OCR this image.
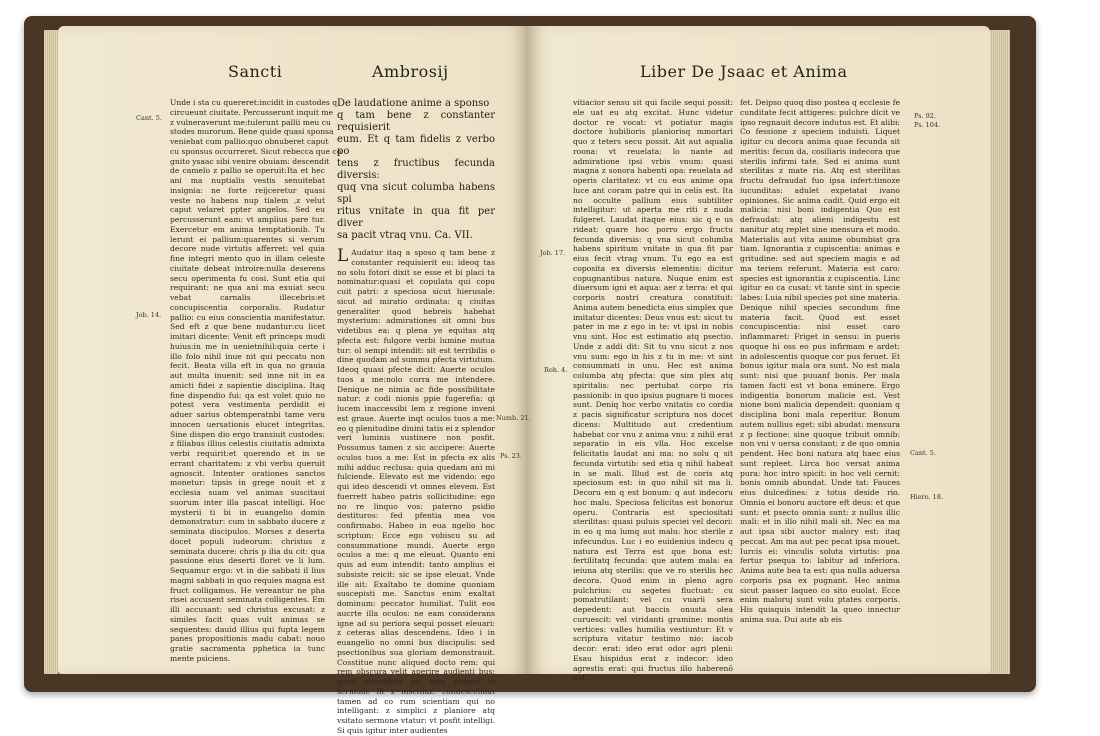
Sancti	Ambrosij	Liber De Jsaac et Anima
Unde i sta cu quereret:incidit in custodes q
circueunt ciuitate. Percusserunt inquit me
z vulneraverunt me:tulerunt pallii meu cu
stodes murorum. Bene quide quasi sponsa
veniebat cum pallio:quo obnuberet caput
cu sponsus occurreret. Sicut rebecca que co
gnito ysaac sibi venire obuiam: descendit
de camelo z pallio se operuit:Ita et hec ani ma nuptialis vestis senuitebat insignia: ne forte reijceretur quasi veste no habens nup tialem ,z velut caput velaret ppter angelos. Sed eu percusserunt eam: vt amplius pare tur. Exercetur em anima temptationib. Tu lerunt ei pallium:quarentes si verum decore nude virtutis afferret: vel quia fine integri mento quo in illam celeste ciuitate debeat introire:nulla deserens secu operimenta fu cosi. Sunt etia qui requirant: ne qua ani ma exuiat secu vebat carnalis illecebris:et concupiscentia corporalis. Rudatur pallio: cu eius conscientia manifestatur. Sed eft z que bene nudantur:cu licet imitari dicente: Venit eft princeps mudi huius:in me in uenietnihil:quia certe i illo folo nihil inue nit qui peccatu non fecit. Beata villa eft in qua no grauia aut multa inuenit: sed inne nit in ea amicti fidei z sapientie disciplina. Itaq fine dispendio fui: qa est volet quio no potest vera vestimenta perdidit ei aduer sarius obtemperatnbi tame vera innocen uersationis elucet integritas. Sine dispen dio ergo transiuit custodes: z filiabus illius celestis ciuitatis admixta verbi requirit:et querendo et in se errant charitatem: z vbi verbu queruit agnoscit. Intenter orationes sanctos monetur: tipsis in grege nouit et z ecclesia suam vel animas suscitaui suorum inter illa pascat intelligi. Hoc mysterii ti bi in euangelio domin demonstratur: cum in sabbato ducere z seminata discipulos. Morses z deserta docet populi iudeorum: christus z seminata ducere: chris p ilia du cit: qua passione eius deserti floret ve li lum. Sequamur ergo: vt in die sabbati il lius magni sabbati in quo requies magna est fruct colligamus. He vereantur ne pha risei accusent seminata colligentes. Em illi accusant: sed christus excusat: z similes facit quas vult animas se sequentes: dauid illius qui fupta legem panes propositionis madu cabat: nouo gratie sacramenta pphetica ia tunc mente psiciens.
De laudatione anime a sponso
q tam bene z constanter requisierit
eum. Et q tam fidelis z verbo po
tens z fructibus fecunda diversis:
quq vna sicut columba habens spi
ritus vnitate in qua fit per diver
sa pacit vtraq vnu. Ca. VII.
L Audatur itaq a sposo q tam bene z constanter requisierit eu: ideoq tas no solu fotori dixit se esse et bi placi ta nominatur:quasi et copulata qui copu cuit patri: z speciosa sicut hierusale: sicut ad miratio ordinata: q ciuitas generaliter quod hebreis habebat mysterium: admirationes sit omni bus videtibus ea: q plena ye equitas atq pfecta est: fulgore verbi lumine mutua tur: ol sempi intendit: sit est terribilis o dine quodam ad summu pfecta virtutum. Ideoq quasi pfecte dicit: Auerte oculos tuos a me:nolo corra me intendere. Denique ne nimia ac fide possibilitate natur: z codi nionis ppie fugerefia: qi lucem inaccessibi lem z regione inveni est graue. Auerte inqt oculos tuos a me: eo q plenitudine diuini tatis ei z splendor veri luminis sustinere non posfit. Possumus tamen z sic accipere: Auerte oculos tuos a me: Est in pfecta ex alis mihi adduc reclusa: quia quedam ani mi fulciende. Elevato est me videndo: ego qui ideo descendi vt omnes elevem. Est fuerrett habeo patris sollicitudine: ego no re linquo vos: paterno psidio destituros: fed pfentia mea vos confirmabo. Habeo in eua ngelio hoc scriptum: Ecce ego vobiscu su ad consummatione mundi. Auerte ergo oculos a me: q me eleuat. Quanto eni quis ad eum intendit: tanto amplius ei subsiste reicit: sic se ipse eleuat. Vnde ille ait: Exaltabo te domine quoniam suscepisti me. Sanctus enim exaltat dominum: peccator humiliat. Tulit eos aucrte illa oculos: ne eam considerans igne ad su periora sequi posset eleuari: z ceteras alias descendens. Ideo i in euangelio no omni bus discipulis: sed psectionibus sua gloriam demonstrauit. Cosstitue nunc aliqued docto rem: qui rem obscura velit aperire audienti bus: quod admodum est ipse potens in sermone fit z inscitiaz: condescendat tamen ad co rum scientiam qui no intelligant: z simplici z planiore atq vsitato sermone vtatur: vt posfit intelligi. Si quis igitur inter audientes
vitiacior sensu sit qui facile sequi possit: ele uat eu atq excitat. Hunc videtur doctor re vocat: vt potiatur magis doctore hubilioris planiorisq mmortari quo z teters secu possit. Ait aut aqualia roona: vt reuelata: lo nante ad admiratione ipsi vrbis vnum: quasi magna z sonora habenti opa: reuelata ad operis claritatez: vt cu eus anime opa luce ant coram patre qui in celis est. Ita no occulte pallium eius subtiliter intelligitur: ut aperta me riti z nuda fulgeret. Laudat itaque eius: sic q e us rideat: quare hoc porro ergo fructu fecunda diversis: q vna sicut columba habens spiritum vnitate in qua fit par eius fecit vtrag vnum. Tu ego ea est coposita ex diversis elementis: dicitur copugnantibus natura. Nuque enim est diuersum igni et aqua: aer z terra: et qui corporis nostri creatura constituit: Anima autem benedicta eius simplex que imitatur dicentes: Deus vnus est: sicut tu pater in me z ego in te: vt ipsi in nobis vnu sint. Hoc est estimatio atq psectio. Unde z addi dit: Sit tu vnu sicut z nos vnu sum: ego in his z tu in me: vt sint consummati in unu. Hec est anima columba atq pfecta: que sim plex atq spiritalis: nec pertubat corpo ris passionib: in quo ipsius pugnare ti moces sunt. Deniq hoc verbo vnitatis co cordia z pacis significatur scriptura nos docet dicens: Multitudo aut credentium habebat cor vnu z anima vnu: z nihil erat separatio in eis vlla. Hoc excelse felicitatis laudat ani ma: no solu q sit fecunda virtutib: sed etia q nihil habeat in se mali. Illud est de coris atq speciosum est: in quo nihil sit ma li. Decoru em q est bonum: q aut indecoru hoc malu. Speciosa felicitas est bonoruz operu. Contraria est speciositati sterilitas: quasi puluis speciei vel decori: in eo q ma lumq aut malu: hoc sterile z infecundus. Luc i eo euidenius indecu q natura est Terra est que bona est: fertilitatq fecunda: que autem mala: ea ieiuna atq sterilis: que ve ro sterilis hec decora. Quod enim in pleno agro pulchrius: cu segetes fluctuat: cu pomatrutilant: vel cu vuarü sera depedent: aut baccis onusta olea curuescit: vel viridanti gramine: montis vertices: valles humilia vestiuntur: Et v scriptura vitatur testimo nio: iacob decor: erat: ideo erat odor agri pleni: Esau hispidus erat z indecor: ideo agrestis erat: qui fructus illo haberenō pof
fet. Deipso quoq diso postea q ecclesie fe cunditate fecit attigeres: pulchre dicit ve ipso regnauit decore indutus est. Et alibi: Co fessione z speciem induisti. Liquet igitur cu decora anima quae fecunda sit meritis: fecun da, cosiliaris indecora que sterilis infirmi tate. Sed ei anima sunt sterilitas z mate ria. Atq est sterilitas fructu defraudat fuo ipsa infert:timoze iucunditas: adulet expetatat ivano opiniones. Sic anima cadit. Quid ergo eit malicia: nisi boni indigentia Quo est defraudat: atq alieni indigestu est nanitur atq replet sine mensura et modo. Materialis aut vita anime obumbiat gra tiam. Ignorantia z cupiscentia: animas e gritudine: sed aut speciem magis e ad ma teriem referunt. Materia est caro: species est ignorantia z cupiscentia. Linc igitur eo ca cusat: vt tante sint in specie labes: Luia nibil species pot sine materia. Denique nihil species secundum fine materia facit. Quod est esset concupiscentia: nisi esset caro inflammaret: Friget in sensu: in pueris quoque hi oss eo pus infirmam e ardet: in adolescentis quoque cor pus feruet. Et bonus igitur mala ora sunt. No est mala sunt: nisi que puuanf bonis. Per mala tamen facti est vt bona eminere. Ergo indigentia bonorum malicie est. Vest nione boni malicia dependeit: quoniam q disciplina boni mala reperitur. Bonum autem nullius eget: sibi abudat: mensura z p fectione: sine quoque tribuit omnib: non vni v uersa constant: z de quo omnia pendent. Hec boni natura atq haec eius sunt repleet. Lirca hoc versat anima pura: hoc intro spicit: in hoc veli cernit: bonis omnib abundat. Unde tat: Fauces eius dulcedines: z totus deside rio. Omnia ei bonoru auctore eft deus: et que sunt: et psecto omnia sunt: z nullus illic mali: et in illo nihil mali sit. Nec ea ma aut ipsa sibi auctor malory est: itaq peccat. Am ma aut pec pecat ipsa mouet. Iurcis ei: vinculis soluta virtutis: pna fertur psequa to: labitur ad inferiora. Anima aute bea ta est: qua nulla aduersa corporis psa ex pugnant. Hec anima sicut passer laqueo co sito euolat. Ecce enim maloruj sunt volu ptates corporis. His quisquis intendit la queo innectur anima sua. Dui aute ab eis
Cant. 5.
Job. 14.
Numb. 21.
Ps. 23.
Job. 17.
Roh. 4.
Cant. 5.
Hiere. 18.
Ps. 92.
Ps. 104.
